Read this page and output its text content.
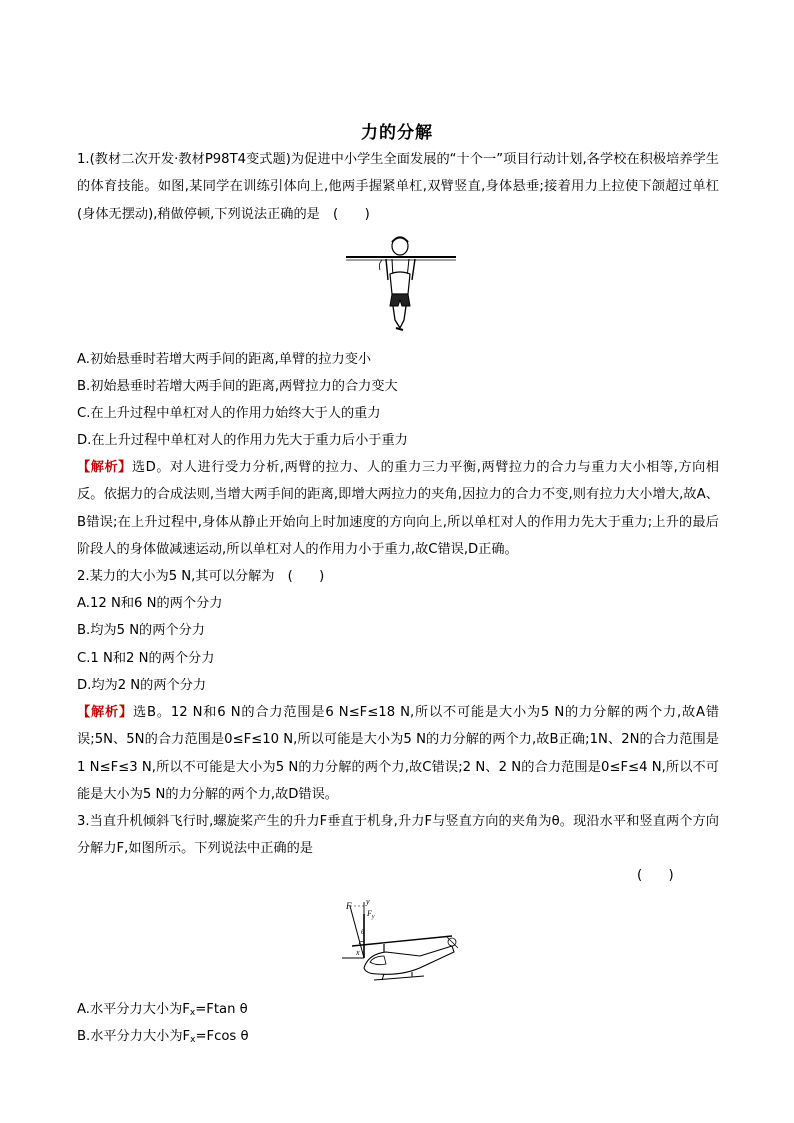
力的分解
1.(教材二次开发·教材P98T4变式题)为促进中小学生全面发展的“十个一”项目行动计划,各学校在积极培养学生的体育技能。如图,某同学在训练引体向上,他两手握紧单杠,双臂竖直,身体悬垂;接着用力上拉使下颌超过单杠(身体无摆动),稍做停顿,下列说法正确的是　(　　)
A.初始悬垂时若增大两手间的距离,单臂的拉力变小
B.初始悬垂时若增大两手间的距离,两臂拉力的合力变大
C.在上升过程中单杠对人的作用力始终大于人的重力
D.在上升过程中单杠对人的作用力先大于重力后小于重力
【解析】选D。对人进行受力分析,两臂的拉力、人的重力三力平衡,两臂拉力的合力与重力大小相等,方向相反。依据力的合成法则,当增大两手间的距离,即增大两拉力的夹角,因拉力的合力不变,则有拉力大小增大,故A、B错误;在上升过程中,身体从静止开始向上时加速度的方向向上,所以单杠对人的作用力先大于重力;上升的最后阶段人的身体做减速运动,所以单杠对人的作用力小于重力,故C错误,D正确。
2.某力的大小为5 N,其可以分解为　(　　)
A.12 N和6 N的两个分力
B.均为5 N的两个分力
C.1 N和2 N的两个分力
D.均为2 N的两个分力
【解析】选B。12 N和6 N的合力范围是6 N≤F≤18 N,所以不可能是大小为5 N的力分解的两个力,故A错误;5N、5N的合力范围是0≤F≤10 N,所以可能是大小为5 N的力分解的两个力,故B正确;1N、2N的合力范围是1 N≤F≤3 N,所以不可能是大小为5 N的力分解的两个力,故C错误;2 N、2 N的合力范围是0≤F≤4 N,所以不可能是大小为5 N的力分解的两个力,故D错误。
3.当直升机倾斜飞行时,螺旋桨产生的升力F垂直于机身,升力F与竖直方向的夹角为θ。现沿水平和竖直两个方向分解力F,如图所示。下列说法中正确的是
(　　)
F y
$F_y$
θ
x
A.水平分力大小为$F_x=Ftan$ θ
B.水平分力大小为$F_x=Fcos$ θ
